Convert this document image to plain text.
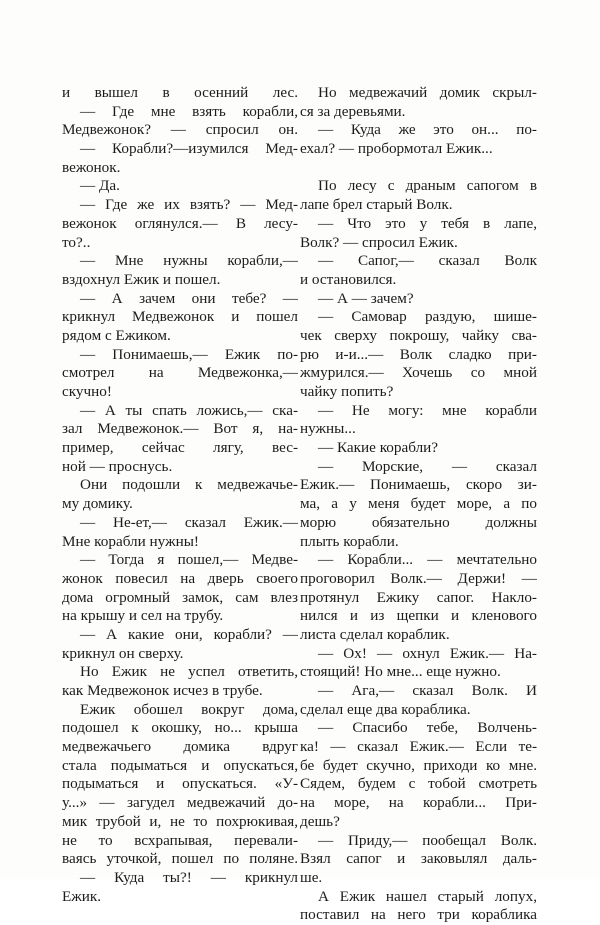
и вышел в осенний лес.
— Где мне взять корабли,
Медвежонок? — спросил он.
— Корабли?—изумился Мед-
вежонок.
— Да.
— Где же их взять? — Мед-
вежонок оглянулся.— В лесу-
то?..
— Мне нужны корабли,—
вздохнул Ежик и пошел.
— А зачем они тебе? —
крикнул Медвежонок и пошел
рядом с Ежиком.
— Понимаешь,— Ежик по-
смотрел на Медвежонка,—
скучно!
— А ты спать ложись,— ска-
зал Медвежонок.— Вот я, на-
пример, сейчас лягу, вес-
ной — проснусь.
Они подошли к медвежачье-
му домику.
— Не-ет,— сказал Ежик.—
Мне корабли нужны!
— Тогда я пошел,— Медве-
жонок повесил на дверь своего
дома огромный замок, сам влез
на крышу и сел на трубу.
— А какие они, корабли? —
крикнул он сверху.
Но Ежик не успел ответить,
как Медвежонок исчез в трубе.
Ежик обошел вокруг дома,
подошел к окошку, но... крыша
медвежачьего домика вдруг
стала подыматься и опускаться,
подыматься и опускаться. «У-
у...» — загудел медвежачий до-
мик трубой и, не то похрюкивая,
не то всхрапывая, перевали-
ваясь уточкой, пошел по поляне.
— Куда ты?! — крикнул
Ежик.
Но медвежачий домик скрыл-
ся за деревьями.
— Куда же это он... по-
ехал? — пробормотал Ежик...
По лесу с драным сапогом в
лапе брел старый Волк.
— Что это у тебя в лапе,
Волк? — спросил Ежик.
— Сапог,— сказал Волк
и остановился.
— А — зачем?
— Самовар раздую, шише-
чек сверху покрошу, чайку сва-
рю и-и...— Волк сладко при-
жмурился.— Хочешь со мной
чайку попить?
— Не могу: мне корабли
нужны...
— Какие корабли?
— Морские, — сказал
Ежик.— Понимаешь, скоро зи-
ма, а у меня будет море, а по
морю обязательно должны
плыть корабли.
— Корабли... — мечтательно
проговорил Волк.— Держи! —
протянул Ежику сапог. Накло-
нился и из щепки и кленового
листа сделал кораблик.
— Ох! — охнул Ежик.— На-
стоящий! Но мне... еще нужно.
— Ага,— сказал Волк. И
сделал еще два кораблика.
— Спасибо тебе, Волчень-
ка! — сказал Ежик.— Если те-
бе будет скучно, приходи ко мне.
Сядем, будем с тобой смотреть
на море, на корабли... При-
дешь?
— Приду,— пообещал Волк.
Взял сапог и заковылял даль-
ше.
А Ежик нашел старый лопух,
поставил на него три кораблика
